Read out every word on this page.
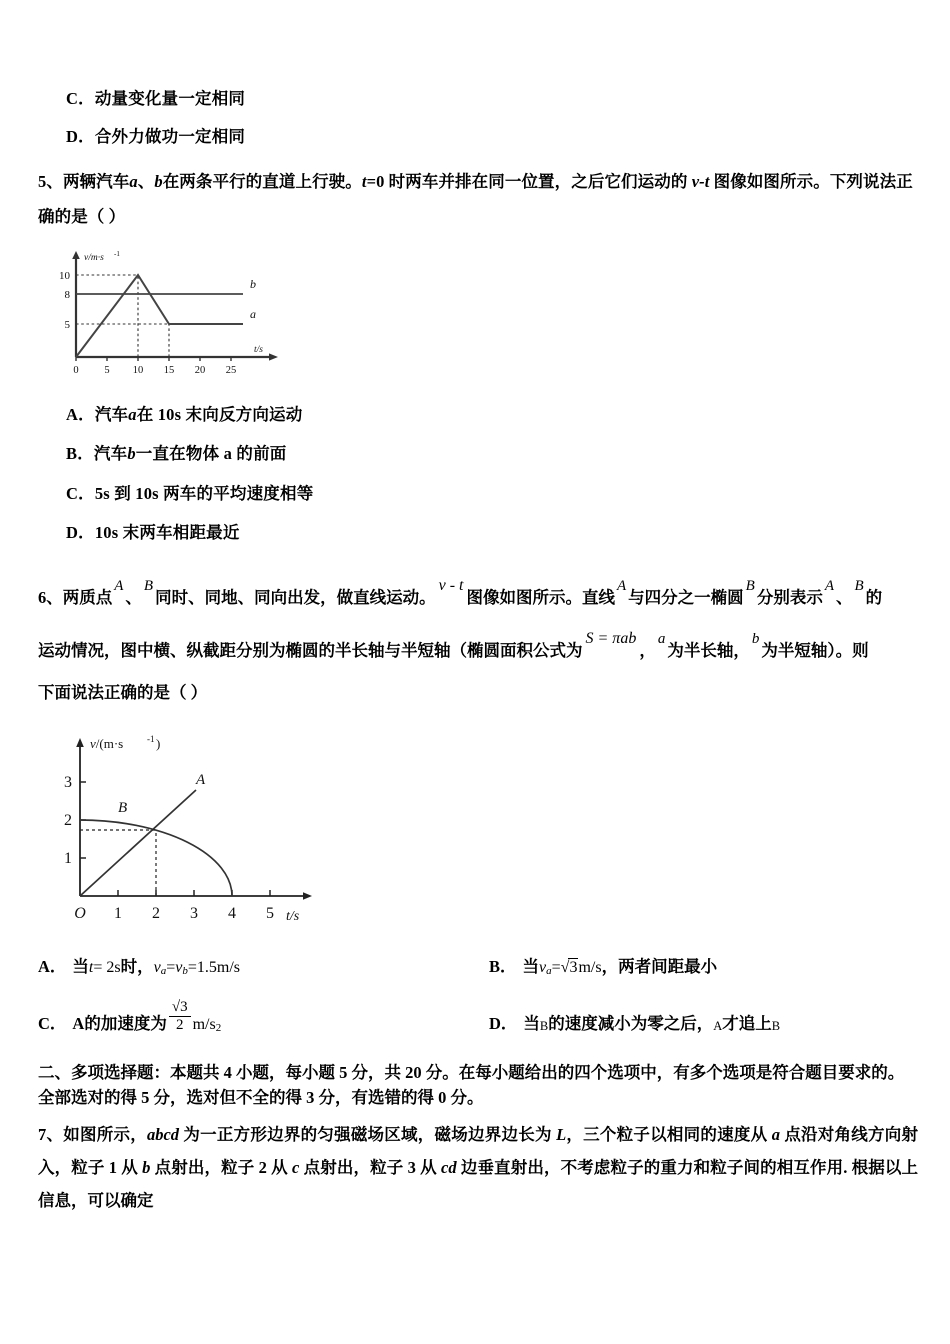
C．动量变化量一定相同
D．合外力做功一定相同
5、两辆汽车a、b在两条平行的直道上行驶。t=0 时两车并排在同一位置，之后它们运动的 v-t 图像如图所示。下列说法正
确的是（ ）
10
8
5
0 5 10 15 20 25
b
a
v/m·s -1
t/s
A．汽车a在 10s 末向反方向运动
B．汽车b一直在物体 a 的前面
C．5s 到 10s 两车的平均速度相等
D．10s 末两车相距最近
6、两质点A、B同时、同地、同向出发，做直线运动。v - t图像如图所示。直线A与四分之一椭圆B分别表示A、B的
运动情况，图中横、纵截距分别为椭圆的半长轴与半短轴（椭圆面积公式为S = πab，a为半长轴，b为半短轴）。则
下面说法正确的是（ ）
1
2
3
O 1 2 3 4 5
A
B
v/(m·s	-1 )
t/s
A． 当 t = 2s 时， v a = v b =1.5m/s	B． 当 v a = √3 m/s ，两者间距最小
C． A 的加速度为 $\frac{√3}{2} m/s$ 2	D． 当 B 的速度减小为零之后， A 才追上 B
二、多项选择题：本题共 4 小题，每小题 5 分，共 20 分。在每小题给出的四个选项中，有多个选项是符合题目要求的。
全部选对的得 5 分，选对但不全的得 3 分，有选错的得 0 分。
7、如图所示，abcd 为一正方形边界的匀强磁场区域，磁场边界边长为 L，三个粒子以相同的速度从 a 点沿对角线方向射入，粒子 1 从 b 点射出，粒子 2 从 c 点射出，粒子 3 从 cd 边垂直射出，不考虑粒子的重力和粒子间的相互作用. 根据以上信息，可以确定
